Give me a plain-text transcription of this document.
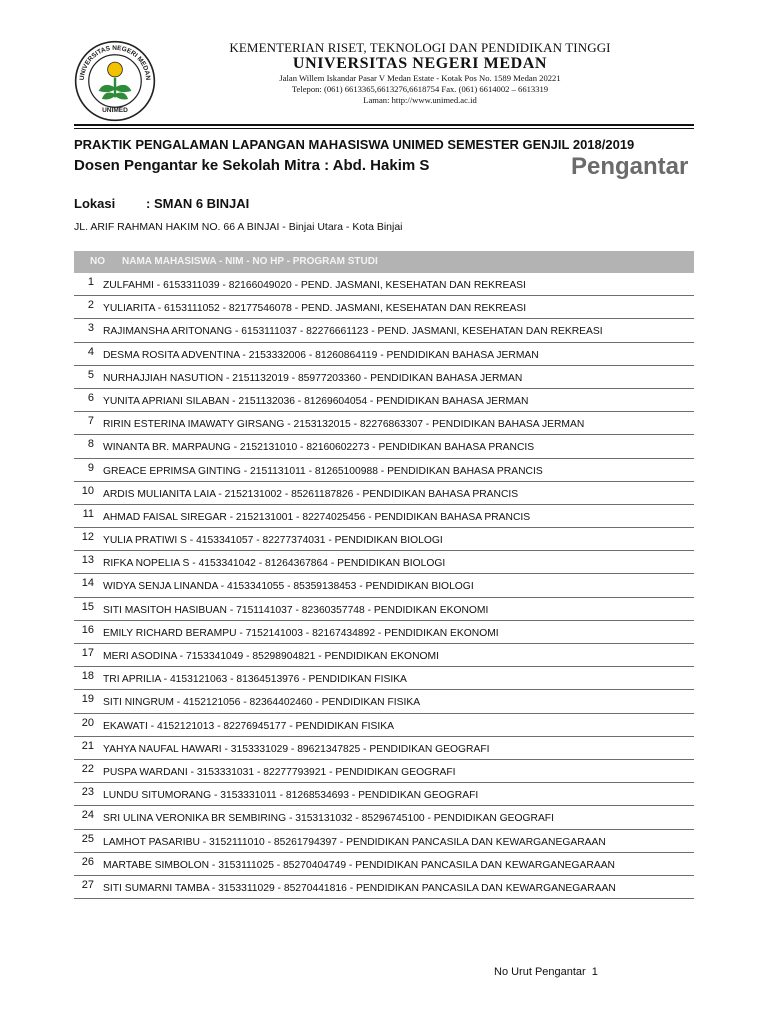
UNIVERSITAS NEGERI MEDAN
UNIMED
KEMENTERIAN RISET, TEKNOLOGI DAN PENDIDIKAN TINGGI
UNIVERSITAS NEGERI MEDAN
Jalan Willem Iskandar Pasar V Medan Estate - Kotak Pos No. 1589 Medan 20221
Telepon: (061) 6613365,6613276,6618754 Fax. (061) 6614002 – 6613319
Laman: http://www.unimed.ac.id
PRAKTIK PENGALAMAN LAPANGAN MAHASISWA UNIMED SEMESTER GENJIL 2018/2019
Dosen Pengantar ke Sekolah Mitra : Abd. Hakim S	Pengantar
Lokasi : SMAN 6 BINJAI
JL. ARIF RAHMAN HAKIM NO. 66 A BINJAI - Binjai Utara - Kota Binjai
NO NAMA MAHASISWA - NIM - NO HP - PROGRAM STUDI
1 ZULFAHMI - 6153311039 - 82166049020 - PEND. JASMANI, KESEHATAN DAN REKREASI
2 YULIARITA - 6153111052 - 82177546078 - PEND. JASMANI, KESEHATAN DAN REKREASI
3 RAJIMANSHA ARITONANG - 6153111037 - 82276661123 - PEND. JASMANI, KESEHATAN DAN REKREASI
4 DESMA ROSITA ADVENTINA - 2153332006 - 81260864119 - PENDIDIKAN BAHASA JERMAN
5 NURHAJJIAH NASUTION - 2151132019 - 85977203360 - PENDIDIKAN BAHASA JERMAN
6 YUNITA APRIANI SILABAN - 2151132036 - 81269604054 - PENDIDIKAN BAHASA JERMAN
7 RIRIN ESTERINA IMAWATY GIRSANG - 2153132015 - 82276863307 - PENDIDIKAN BAHASA JERMAN
8 WINANTA BR. MARPAUNG - 2152131010 - 82160602273 - PENDIDIKAN BAHASA PRANCIS
9 GREACE EPRIMSA GINTING - 2151131011 - 81265100988 - PENDIDIKAN BAHASA PRANCIS
10 ARDIS MULIANITA LAIA - 2152131002 - 85261187826 - PENDIDIKAN BAHASA PRANCIS
11 AHMAD FAISAL SIREGAR - 2152131001 - 82274025456 - PENDIDIKAN BAHASA PRANCIS
12 YULIA PRATIWI S - 4153341057 - 82277374031 - PENDIDIKAN BIOLOGI
13 RIFKA NOPELIA S - 4153341042 - 81264367864 - PENDIDIKAN BIOLOGI
14 WIDYA SENJA LINANDA - 4153341055 - 85359138453 - PENDIDIKAN BIOLOGI
15 SITI MASITOH HASIBUAN - 7151141037 - 82360357748 - PENDIDIKAN EKONOMI
16 EMILY RICHARD BERAMPU - 7152141003 - 82167434892 - PENDIDIKAN EKONOMI
17 MERI ASODINA - 7153341049 - 85298904821 - PENDIDIKAN EKONOMI
18 TRI APRILIA - 4153121063 - 81364513976 - PENDIDIKAN FISIKA
19 SITI NINGRUM - 4152121056 - 82364402460 - PENDIDIKAN FISIKA
20 EKAWATI - 4152121013 - 82276945177 - PENDIDIKAN FISIKA
21 YAHYA NAUFAL HAWARI - 3153331029 - 89621347825 - PENDIDIKAN GEOGRAFI
22 PUSPA WARDANI - 3153331031 - 82277793921 - PENDIDIKAN GEOGRAFI
23 LUNDU SITUMORANG - 3153331011 - 81268534693 - PENDIDIKAN GEOGRAFI
24 SRI ULINA VERONIKA BR SEMBIRING - 3153131032 - 85296745100 - PENDIDIKAN GEOGRAFI
25 LAMHOT PASARIBU - 3152111010 - 85261794397 - PENDIDIKAN PANCASILA DAN KEWARGANEGARAAN
26 MARTABE SIMBOLON - 3153111025 - 85270404749 - PENDIDIKAN PANCASILA DAN KEWARGANEGARAAN
27 SITI SUMARNI TAMBA - 3153311029 - 85270441816 - PENDIDIKAN PANCASILA DAN KEWARGANEGARAAN
No Urut Pengantar 1
